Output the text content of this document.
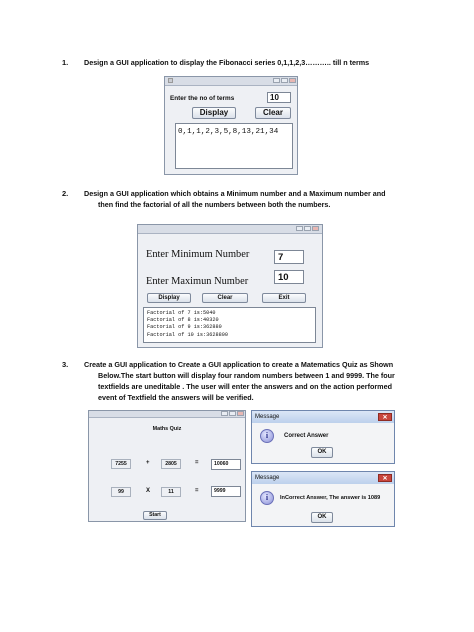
1. Design a GUI application to display the Fibonacci series 0,1,1,2,3……….. till n terms
Enter the no of terms	10
Display	Clear
0,1,1,2,3,5,8,13,21,34
2. Design a GUI application which obtains a Minimum number and a Maximum number and
then find the factorial of all the numbers between both the numbers.
Enter Minimum Number	7
Enter Maximun Number	10
Display	Clear	Exit
Factorial of 7 is:5040
Factorial of 8 is:40320
Factorial of 9 is:362880
Factorial of 10 is:3628800
3. Create a GUI application to Create a GUI application to create a Matematics Quiz as Shown
Below.The start button will display four random numbers between 1 and 9999. The four
textfields are uneditable . The user will enter the answers and on the action performed
event of Textfield the answers will be verified.
Maths Quiz
7255	+	2805	=	10060
99	X	11	=	9999
Start
Message	✕
i	Correct Answer
OK
Message	✕
i	InCorrect Answer, The answer is 1089
OK
